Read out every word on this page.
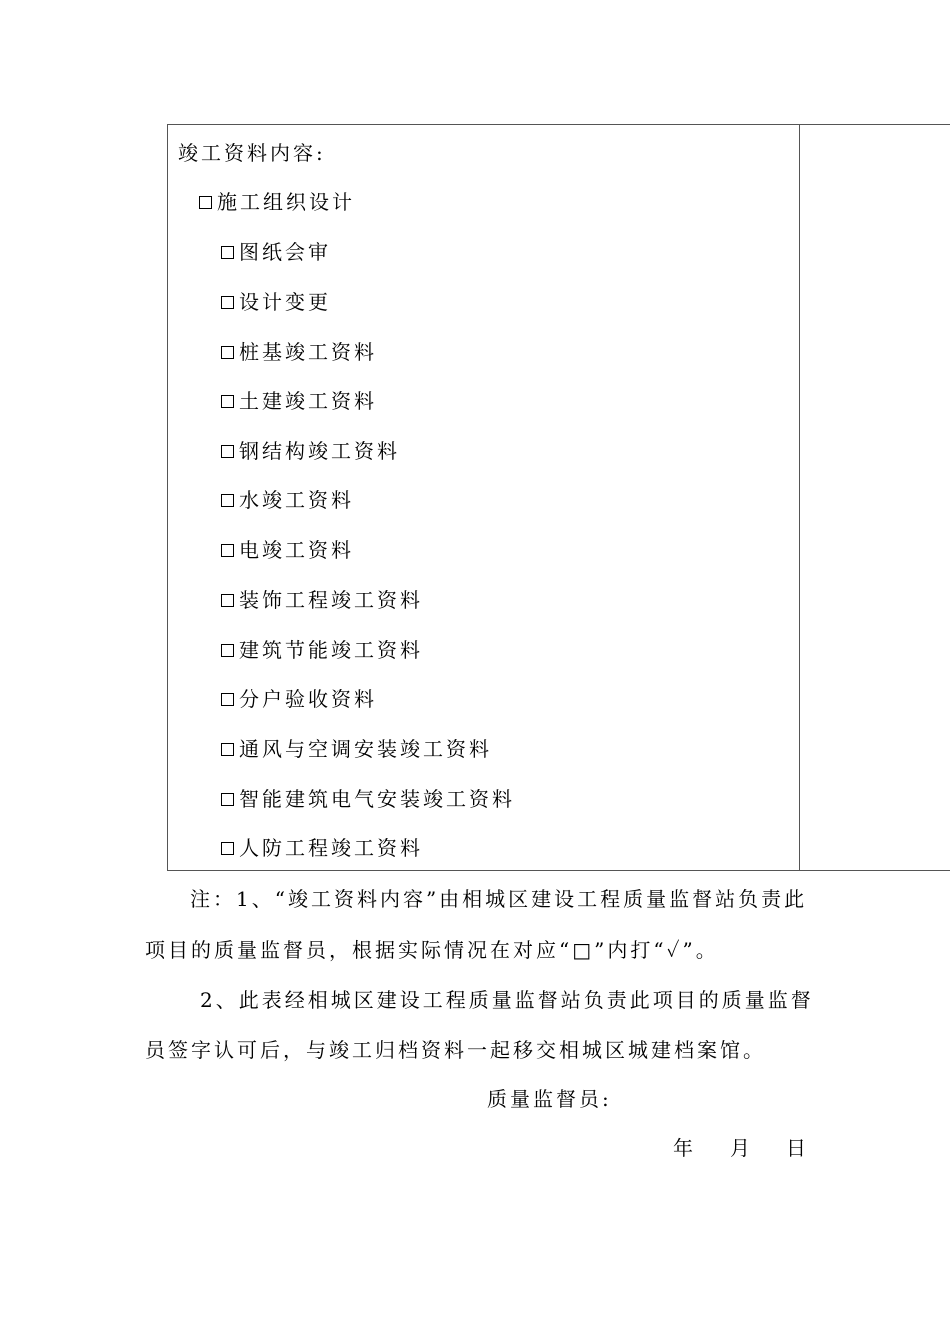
竣工资料内容:
施工组织设计
图纸会审
设计变更
桩基竣工资料
土建竣工资料
钢结构竣工资料
水竣工资料
电竣工资料
装饰工程竣工资料
建筑节能竣工资料
分户验收资料
通风与空调安装竣工资料
智能建筑电气安装竣工资料
人防工程竣工资料
注：1、“竣工资料内容”由相城区建设工程质量监督站负责此
项目的质量监督员，根据实际情况在对应“□”内打“✓”。
2、此表经相城区建设工程质量监督站负责此项目的质量监督
员签字认可后，与竣工归档资料一起移交相城区城建档案馆。
质量监督员:
年 月 日
